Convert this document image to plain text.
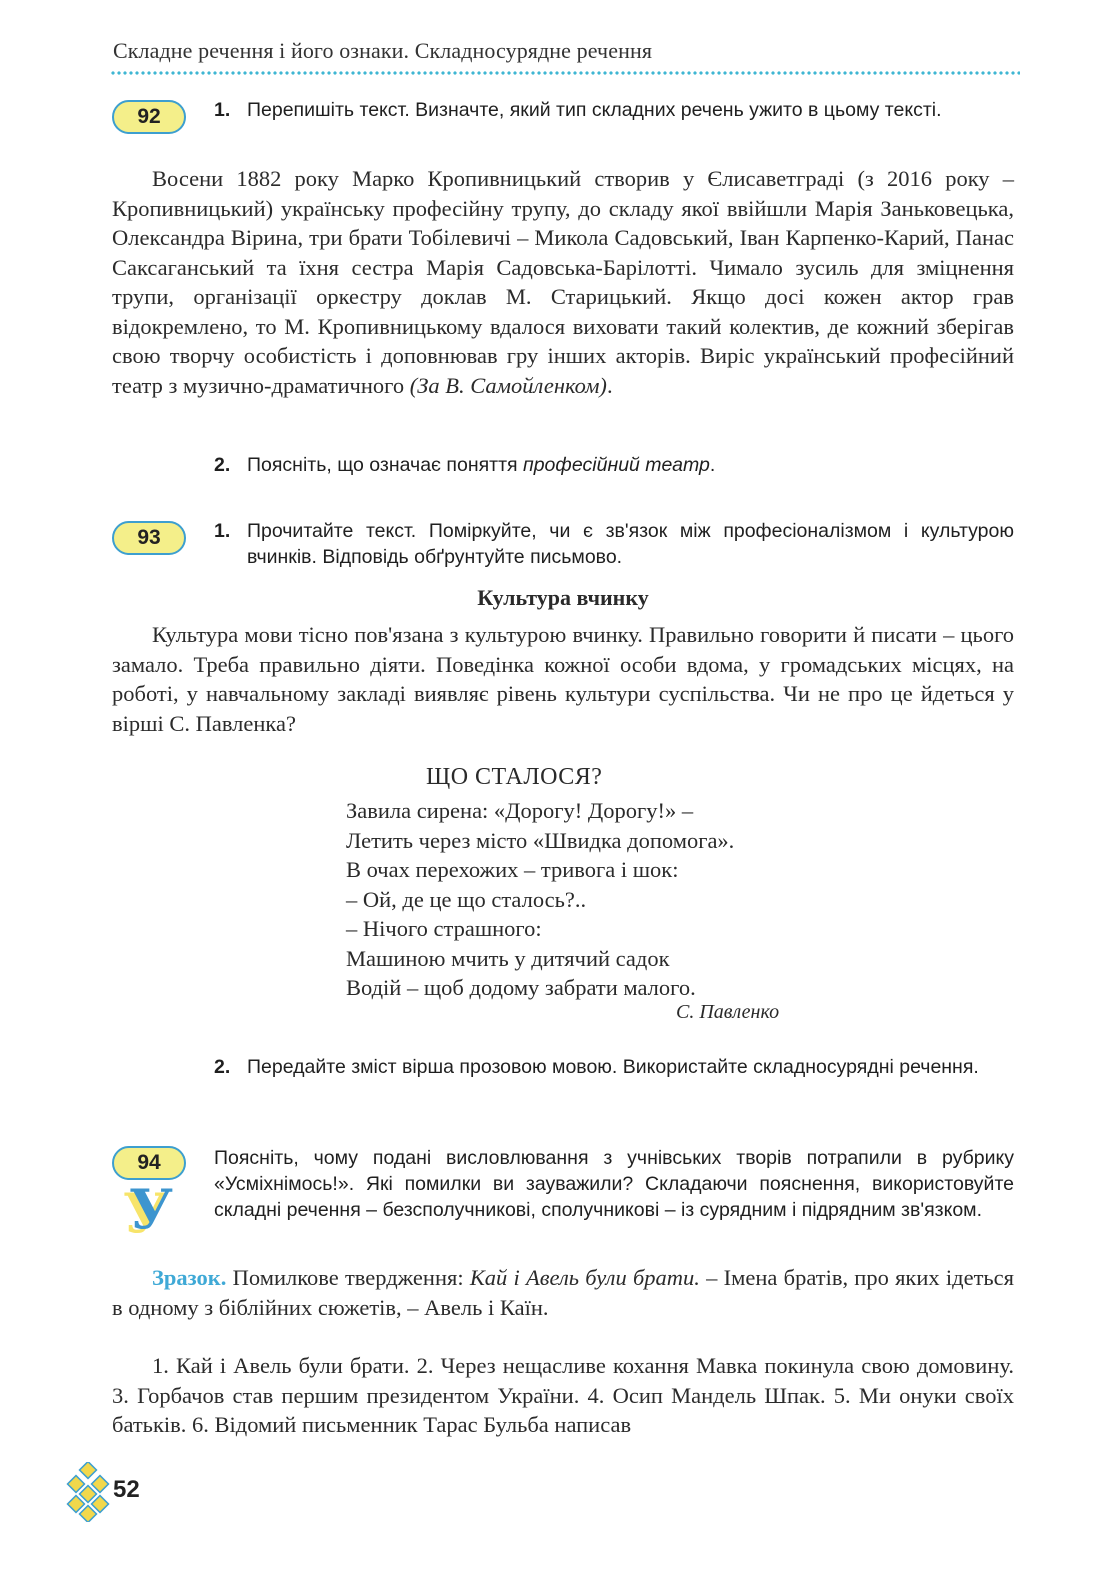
Складне речення і його ознаки. Складносурядне речення
92	1. Перепишіть текст. Визначте, який тип складних речень ужито в цьому тексті.

Восени 1882 року Марко Кропивницький створив у Єлисаветграді (з 2016 року – Кропивницький) українську професійну трупу, до складу якої ввійшли Марія Заньковецька, Олександра Вірина, три брати Тобілевичі – Микола Садовський, Іван Карпенко-Карий, Панас Саксаганський та їхня сестра Марія Садовська-Барілотті. Чимало зусиль для зміцнення трупи, організації оркестру доклав М. Старицький. Якщо досі кожен актор грав відокремлено, то М. Кропивницькому вдалося виховати такий колектив, де кожний зберігав свою творчу особистість і доповнював гру інших акторів. Виріс український професійний театр з музично-драматичного (За В. Самойленком).

2. Поясніть, що означає поняття професійний театр.
93	1. Прочитайте текст. Поміркуйте, чи є зв'язок між професіоналізмом і культурою вчинків. Відповідь обґрунтуйте письмово.
Культура вчинку

Культура мови тісно пов'язана з культурою вчинку. Правильно говорити й писати – цього замало. Треба правильно діяти. Поведінка кожної особи вдома, у громадських місцях, на роботі, у навчальному закладі виявляє рівень культури суспільства. Чи не про це йдеться у вірші С. Павленка?

ЩО СТАЛОСЯ?
Завила сирена: «Дорогу! Дорогу!» –
Летить через місто «Швидка допомога».
В очах перехожих – тривога і шок:
– Ой, де це що сталось?..
– Нічого страшного:
Машиною мчить у дитячий садок
Водій – щоб додому забрати малого.
С. Павленко
2. Передайте зміст вірша прозовою мовою. Використайте складносурядні речення.
94
У
Поясніть, чому подані висловлювання з учнівських творів потрапили в рубрику «Усміхнімось!». Які помилки ви зауважили? Складаючи пояснення, використовуйте складні речення – безсполучникові, сполучникові – із сурядним і підрядним зв'язком.

Зразок. Помилкове твердження: Кай і Авель були брати. – Імена братів, про яких ідеться в одному з біблійних сюжетів, – Авель і Каїн.

1. Кай і Авель були брати. 2. Через нещасливе кохання Мавка покинула свою домовину. 3. Горбачов став першим президентом України. 4. Осип Мандель Шпак. 5. Ми онуки своїх батьків. 6. Відомий письменник Тарас Бульба написав

52
